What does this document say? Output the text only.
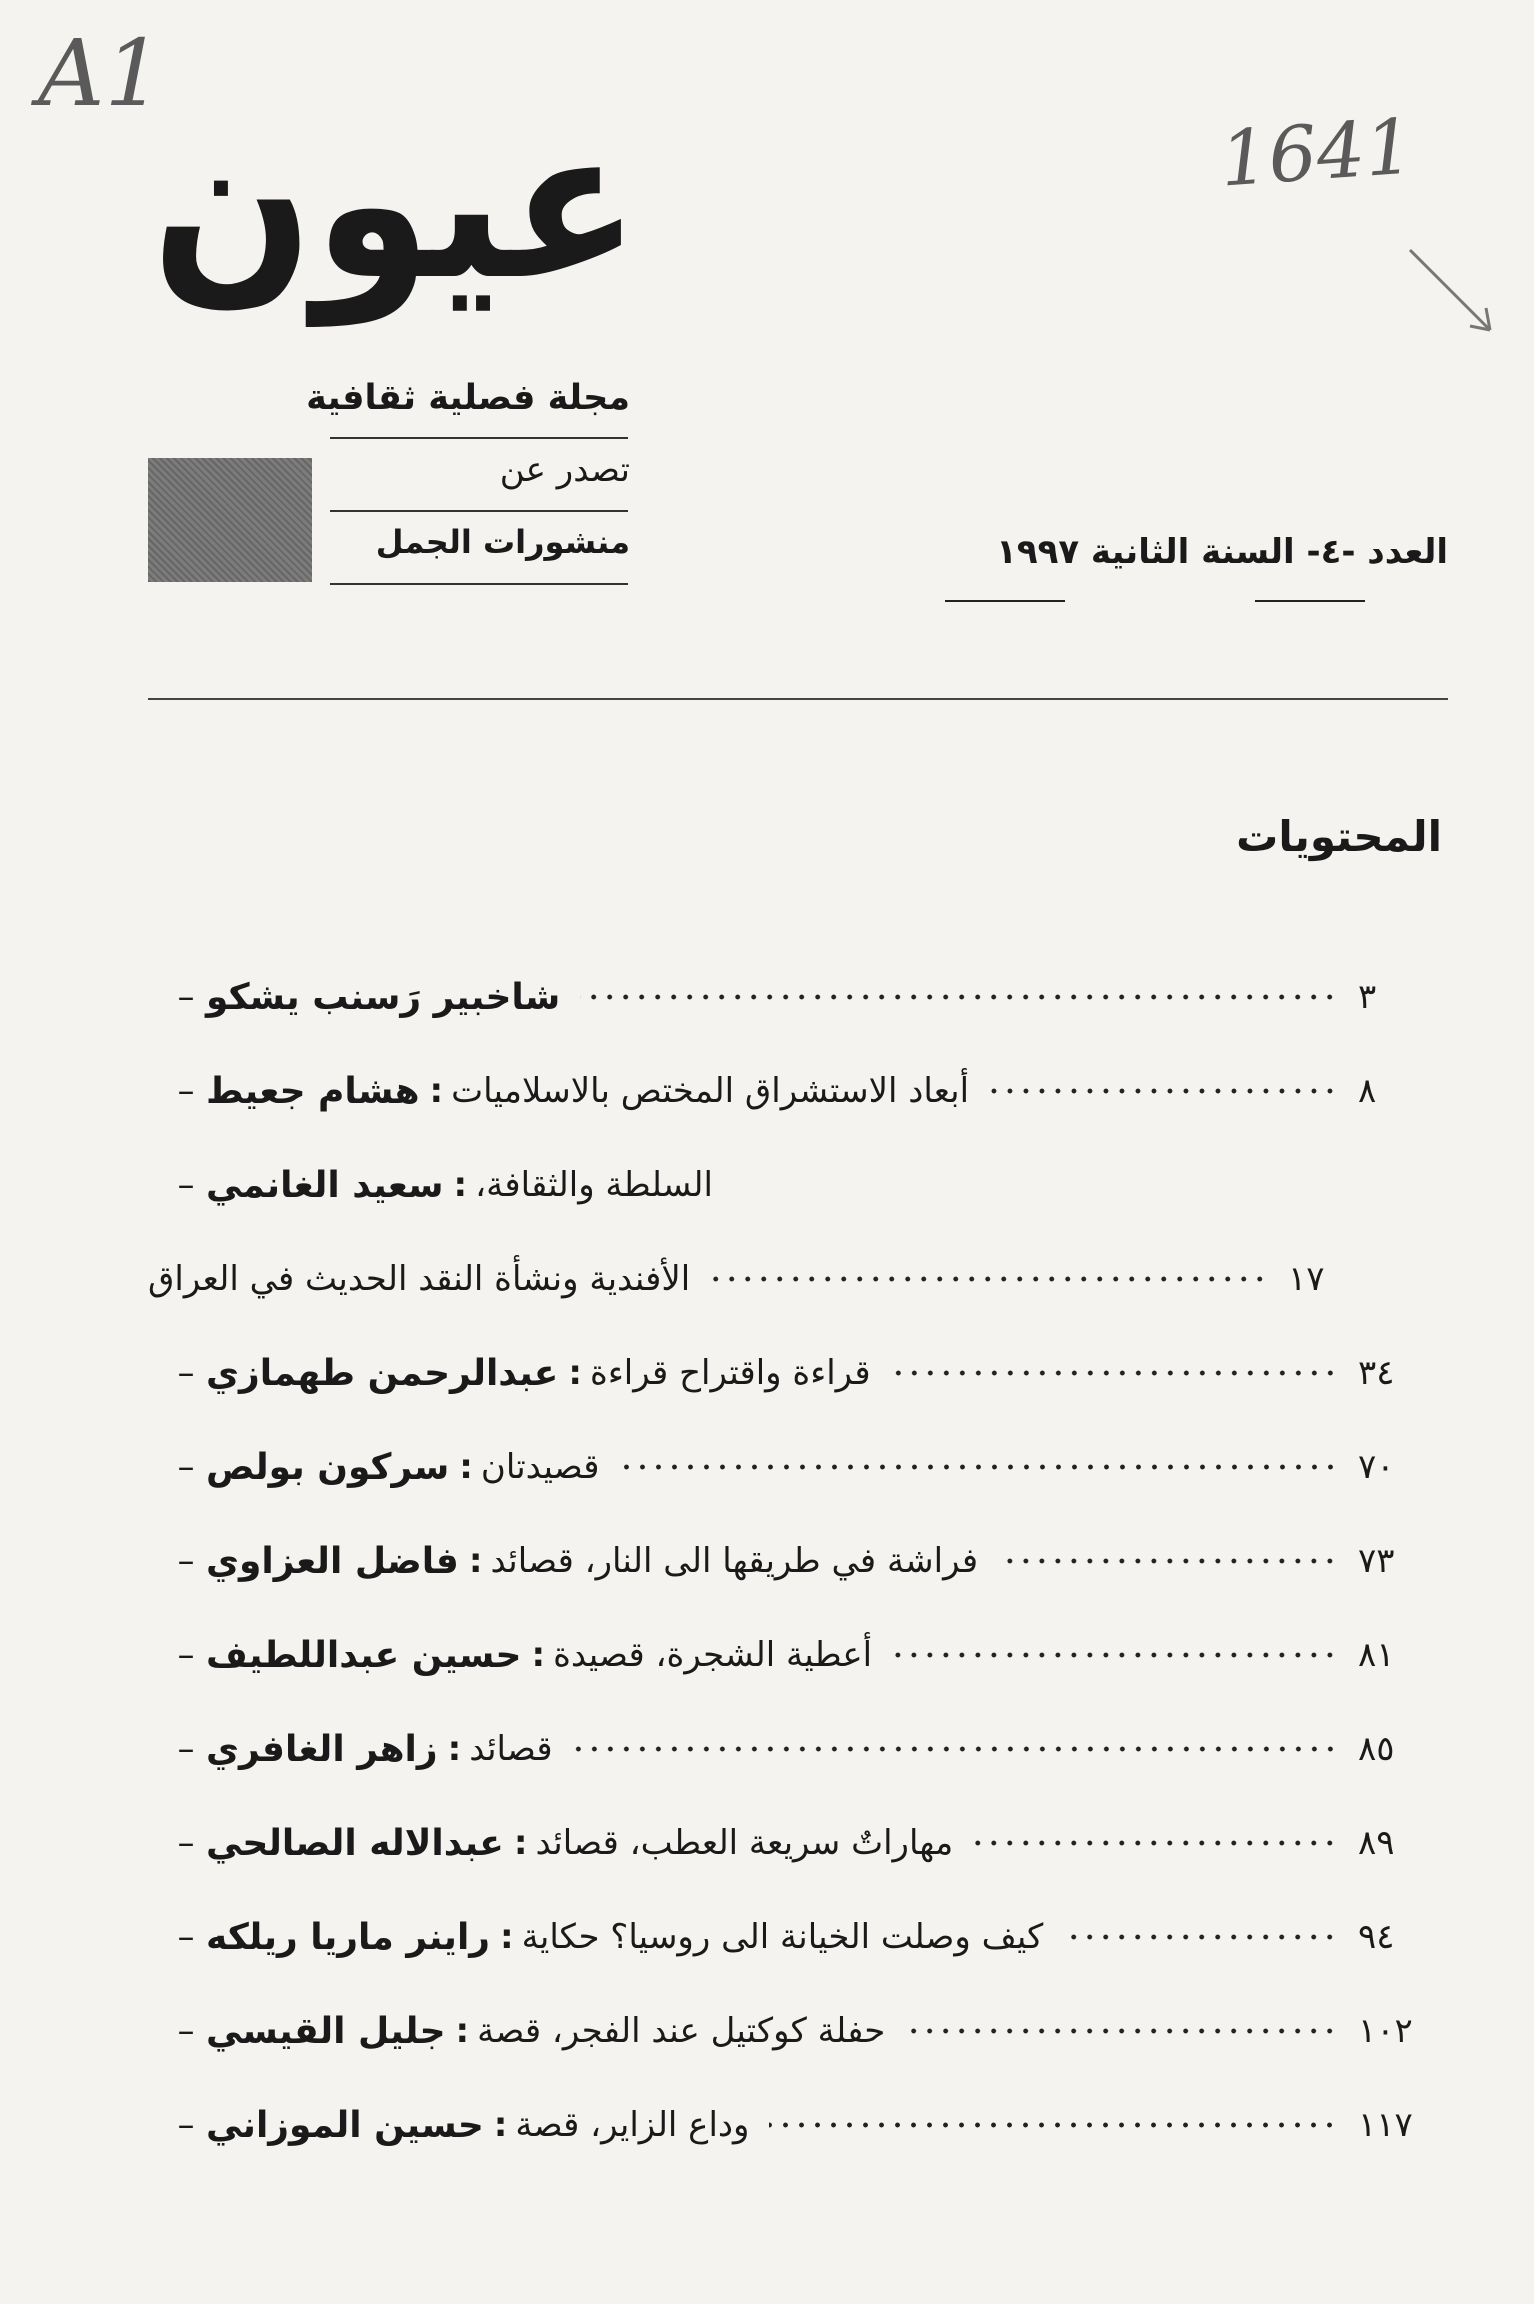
A1
1641
عيون
مجلة فصلية ثقافية
تصدر عن
منشورات الجمل	العدد -٤- السنة الثانية ١٩٩٧
المحتويات
– شاخبير رَسنب يشكو	٣
– هشام جعيط : أبعاد الاستشراق المختص بالاسلاميات	٨
– سعيد الغانمي : السلطة والثقافة،
الأفندية ونشأة النقد الحديث في العراق	١٧
– عبدالرحمن طهمازي : قراءة واقتراح قراءة	٣٤
– سركون بولص : قصيدتان	٧٠
– فاضل العزاوي : فراشة في طريقها الى النار، قصائد	٧٣
– حسين عبداللطيف : أعطية الشجرة، قصيدة	٨١
– زاهر الغافري : قصائد	٨٥
– عبدالاله الصالحي : مهاراتٌ سريعة العطب، قصائد	٨٩
– راينر ماريا ريلكه : كيف وصلت الخيانة الى روسيا؟ حكاية	٩٤
– جليل القيسي : حفلة كوكتيل عند الفجر، قصة	١٠٢
– حسين الموزاني : وداع الزاير، قصة	١١٧
